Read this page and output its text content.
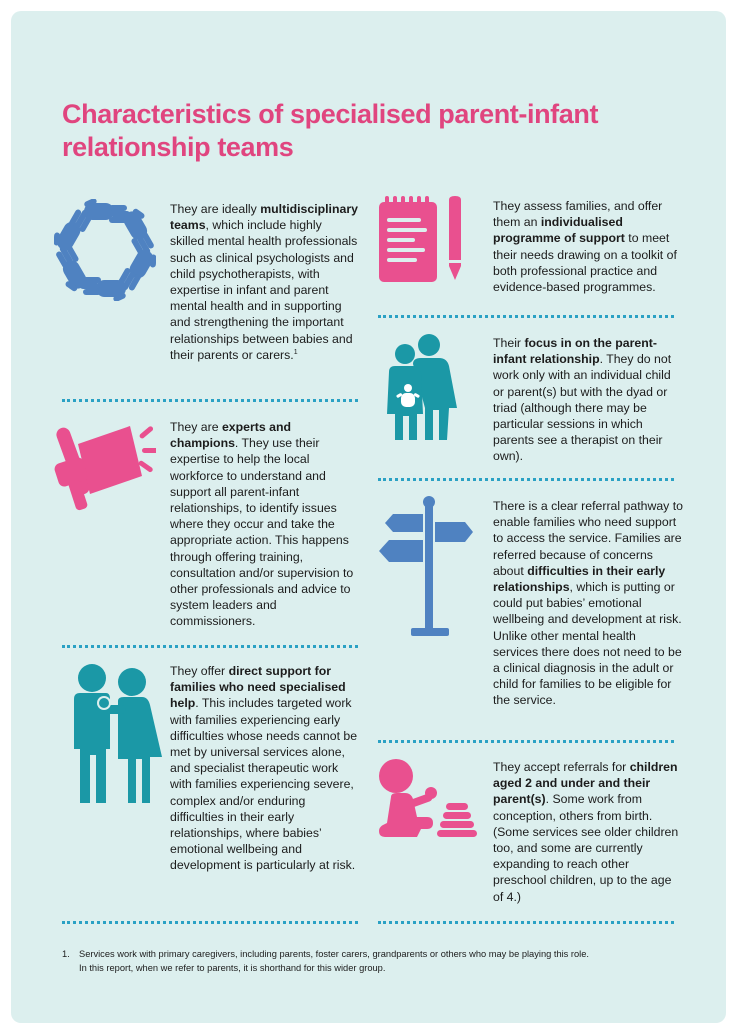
Characteristics of specialised parent-infant relationship teams
They are ideally multidisciplinary teams, which include highly skilled mental health professionals such as clinical psychologists and child psychotherapists, with expertise in infant and parent mental health and in supporting and strengthening the important relationships between babies and their parents or carers.$^1$
They are experts and champions. They use their expertise to help the local workforce to understand and support all parent-infant relationships, to identify issues where they occur and take the appropriate action. This happens through offering training, consultation and/or supervision to other professionals and advice to system leaders and commissioners.
They offer direct support for families who need specialised help. This includes targeted work with families experiencing early difficulties whose needs cannot be met by universal services alone, and specialist therapeutic work with families experiencing severe, complex and/or enduring difficulties in their early relationships, where babies’ emotional wellbeing and development is particularly at risk.
They assess families, and offer them an individualised programme of support to meet their needs drawing on a toolkit of both professional practice and evidence-based programmes.
Their focus in on the parent-infant relationship. They do not work only with an individual child or parent(s) but with the dyad or triad (although there may be particular sessions in which parents see a therapist on their own).
There is a clear referral pathway to enable families who need support to access the service. Families are referred because of concerns about difficulties in their early relationships, which is putting or could put babies’ emotional wellbeing and development at risk. Unlike other mental health services there does not need to be a clinical diagnosis in the adult or child for families to be eligible for the service.
They accept referrals for children aged 2 and under and their parent(s). Some work from conception, others from birth. (Some services see older children too, and some are currently expanding to reach other preschool children, up to the age of 4.)
1. Services work with primary caregivers, including parents, foster carers, grandparents or others who may be playing this role.
In this report, when we refer to parents, it is shorthand for this wider group.
